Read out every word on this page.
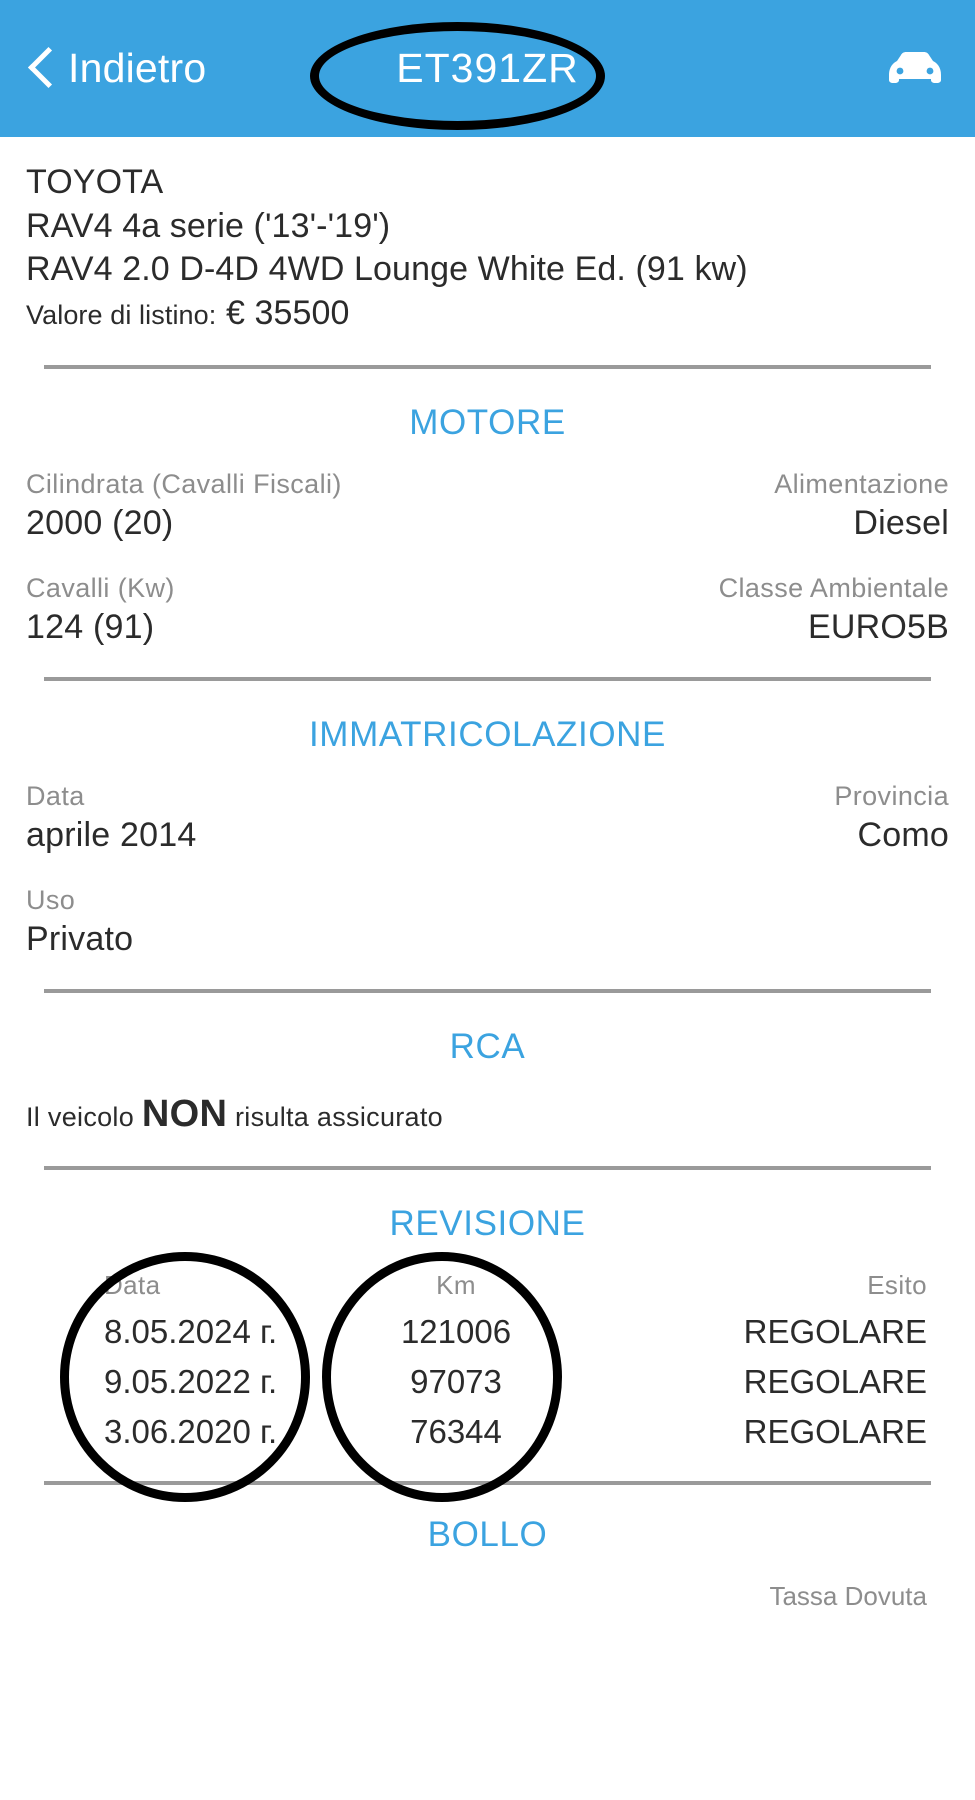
Indietro	ET391ZR
TOYOTA
RAV4 4a serie ('13'-'19')
RAV4 2.0 D-4D 4WD Lounge White Ed. (91 kw)
Valore di listino: € 35500
MOTORE
Cilindrata (Cavalli Fiscali)
2000 (20)
Alimentazione
Diesel
Cavalli (Kw)
124 (91)
Classe Ambientale
EURO5B
IMMATRICOLAZIONE
Data
aprile 2014
Provincia
Como
Uso
Privato
RCA
Il veicolo NON risulta assicurato
REVISIONE
Data	Km	Esito
8.05.2024 г.	121006	REGOLARE
9.05.2022 г.	97073	REGOLARE
3.06.2020 г.	76344	REGOLARE
BOLLO
Tassa Dovuta
